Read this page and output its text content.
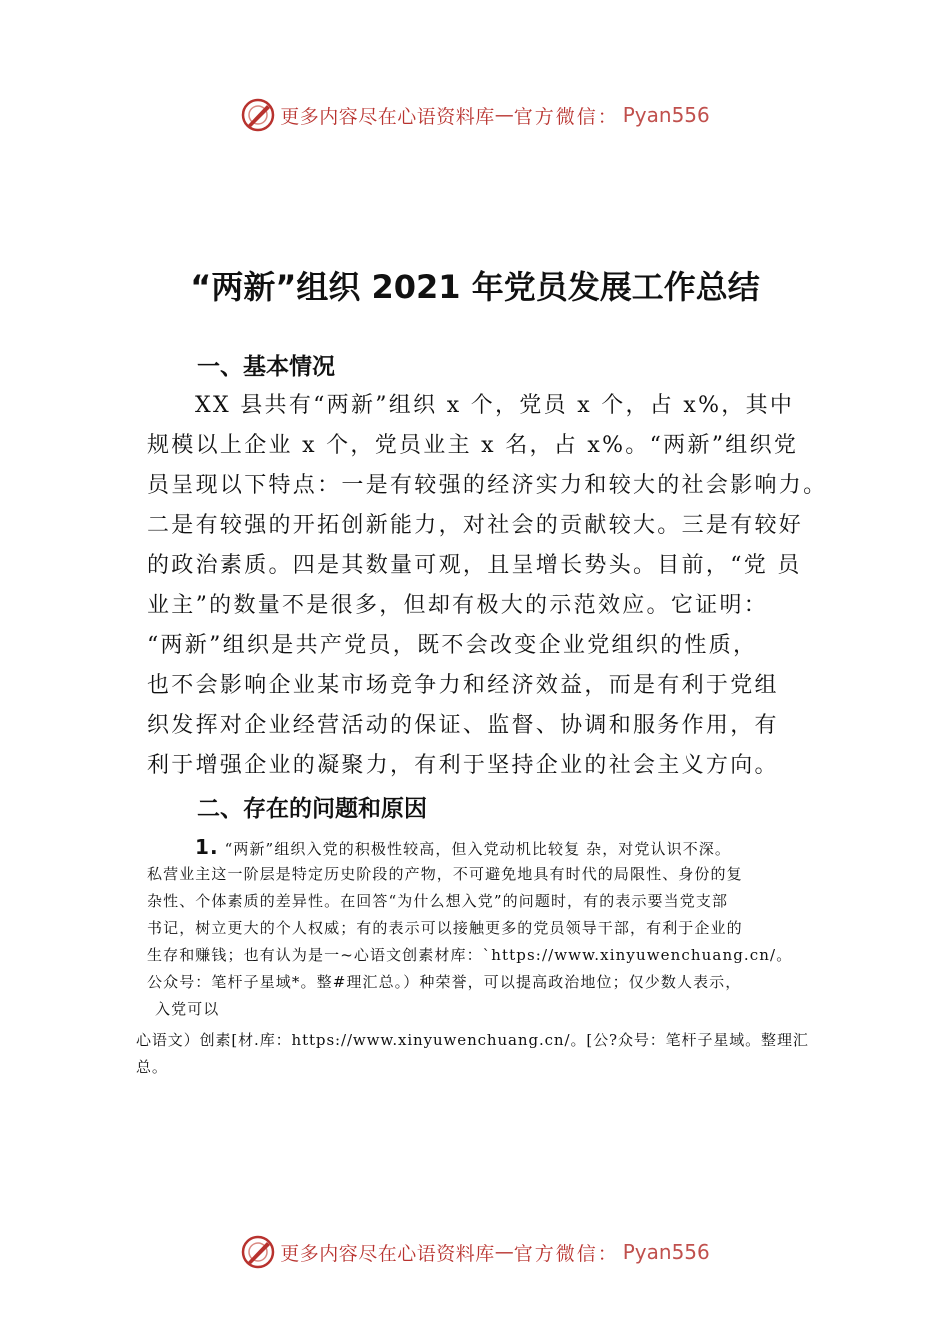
更多内容尽在心语资料库 — 官方微信： Pyan556
“两新”组织 2021 年党员发展工作总结
一、基本情况
XX 县共有“两新”组织 x 个，党员 x 个，占 x%，其中
规模以上企业 x 个，党员业主 x 名，占 x%。“两新”组织党
员呈现以下特点：一是有较强的经济实力和较大的社会影响力。
二是有较强的开拓创新能力，对社会的贡献较大。三是有较好
的政治素质。四是其数量可观，且呈增长势头。目前，“党 员
业主”的数量不是很多，但却有极大的示范效应。它证明：
“两新”组织是共产党员，既不会改变企业党组织的性质，
也不会影响企业某市场竞争力和经济效益，而是有利于党组
织发挥对企业经营活动的保证、监督、协调和服务作用，有
利于增强企业的凝聚力，有利于坚持企业的社会主义方向。
二、存在的问题和原因
1. “两新”组织入党的积极性较高，但入党动机比较复 杂，对党认识不深。
私营业主这一阶层是特定历史阶段的产物，不可避免地具有时代的局限性、身份的复
杂性、个体素质的差异性。在回答“为什么想入党”的问题时，有的表示要当党支部
书记，树立更大的个人权威；有的表示可以接触更多的党员领导干部，有利于企业的
生存和赚钱；也有认为是一~心语文创素材库：`https://www.xinyuwenchuang.cn/。
公众号：笔杆子星域*。整#理汇总。）种荣誉，可以提高政治地位；仅少数人表示，
入党可以
心语文）创素[材.库：https://www.xinyuwenchuang.cn/。[公?众号：笔杆子星域。整理汇
总。
更多内容尽在心语资料库 — 官方微信： Pyan556
